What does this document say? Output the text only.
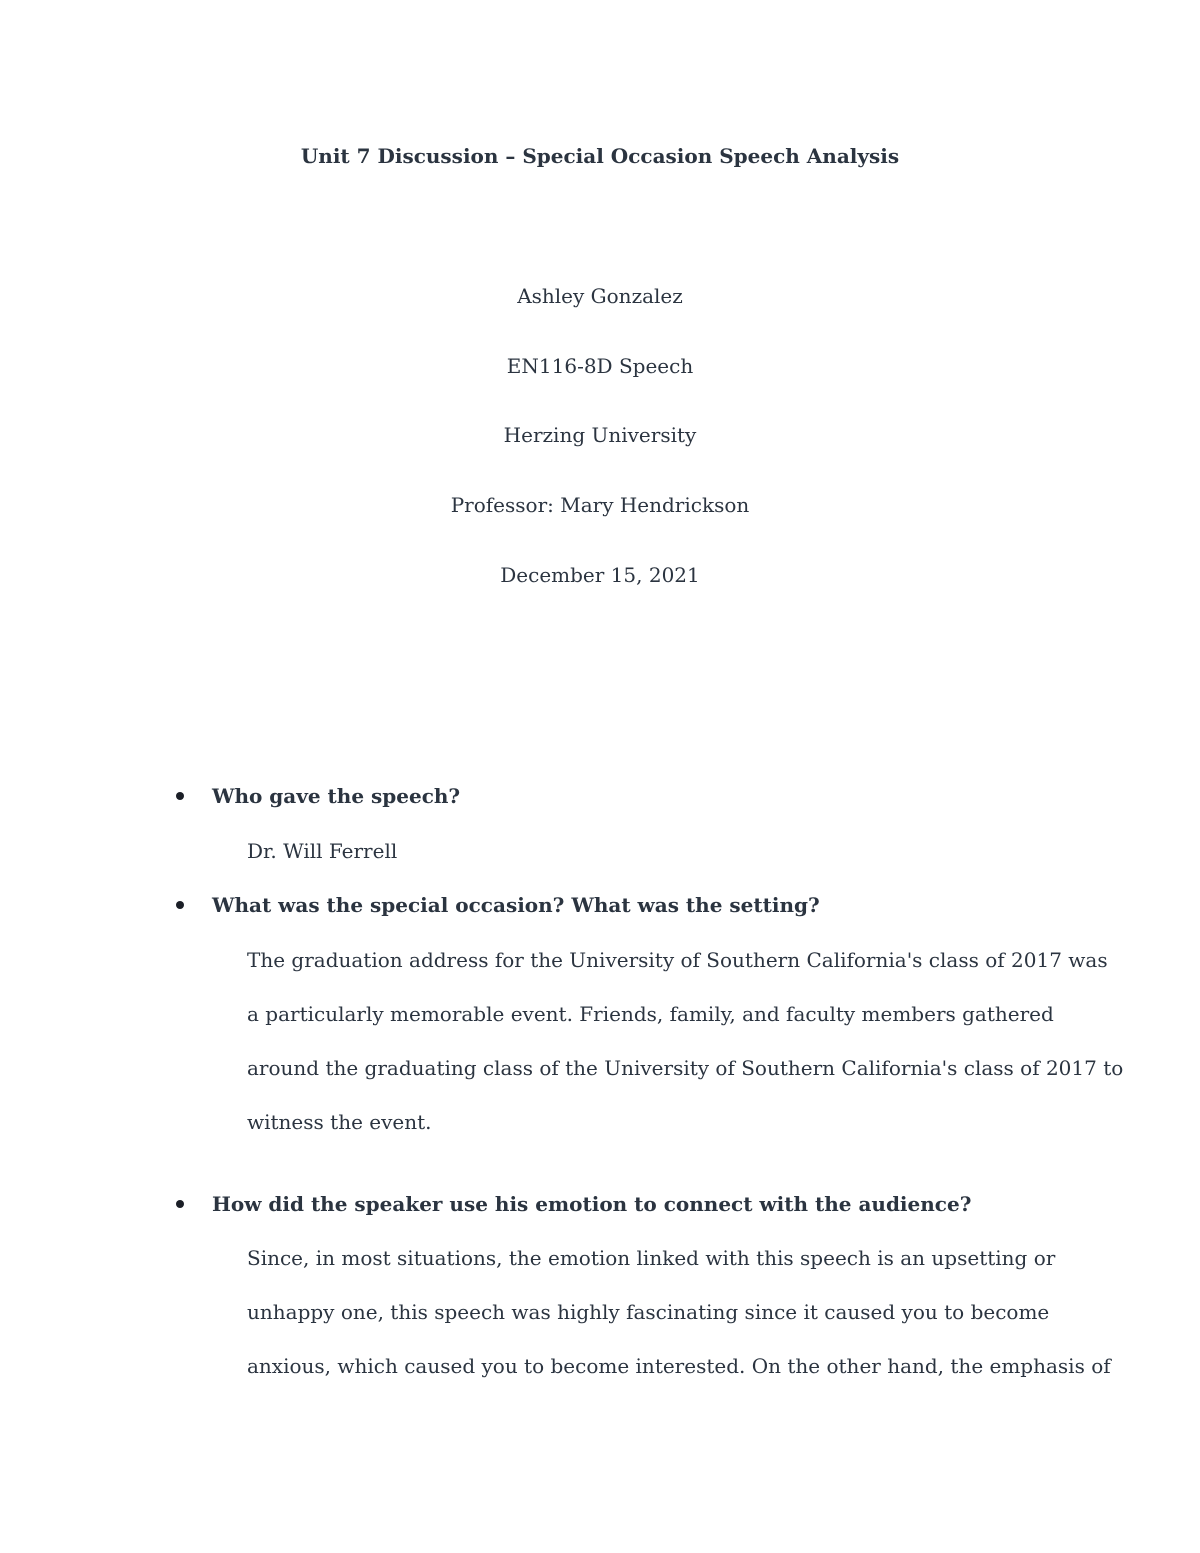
Unit 7 Discussion – Special Occasion Speech Analysis

Ashley Gonzalez

EN116-8D Speech

Herzing University

Professor: Mary Hendrickson

December 15, 2021

Who gave the speech?

Dr. Will Ferrell

What was the special occasion? What was the setting?

The graduation address for the University of Southern California's class of 2017 was

a particularly memorable event. Friends, family, and faculty members gathered

around the graduating class of the University of Southern California's class of 2017 to

witness the event.

How did the speaker use his emotion to connect with the audience?

Since, in most situations, the emotion linked with this speech is an upsetting or

unhappy one, this speech was highly fascinating since it caused you to become

anxious, which caused you to become interested. On the other hand, the emphasis of
